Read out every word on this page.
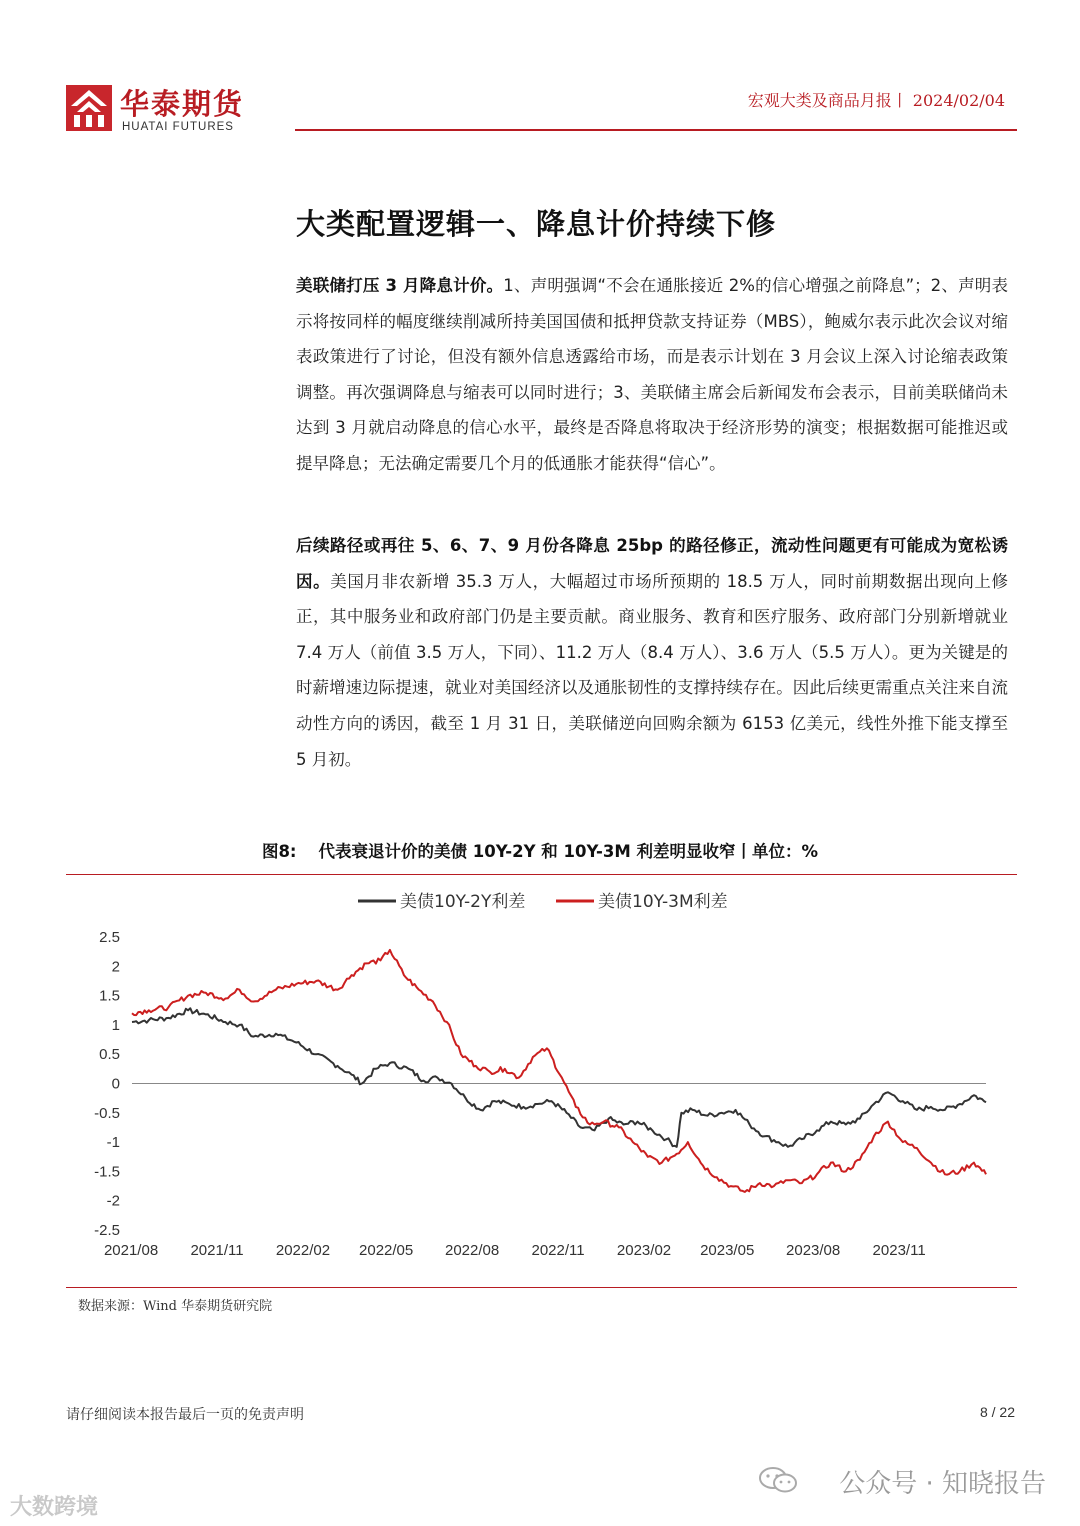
华泰期货
HUATAI FUTURES
宏观大类及商品月报丨 2024/02/04
大类配置逻辑一、降息计价持续下修
美联储打压 3 月降息计价。1、声明强调“不会在通胀接近 2%的信心增强之前降息”；2、声明表示将按同样的幅度继续削减所持美国国债和抵押贷款支持证券（MBS），鲍威尔表示此次会议对缩表政策进行了讨论，但没有额外信息透露给市场，而是表示计划在 3 月会议上深入讨论缩表政策调整。再次强调降息与缩表可以同时进行；3、美联储主席会后新闻发布会表示，目前美联储尚未达到 3 月就启动降息的信心水平，最终是否降息将取决于经济形势的演变；根据数据可能推迟或提早降息；无法确定需要几个月的低通胀才能获得“信心”。
后续路径或再往 5、6、7、9 月份各降息 25bp 的路径修正，流动性问题更有可能成为宽松诱因。美国月非农新增 35.3 万人，大幅超过市场所预期的 18.5 万人，同时前期数据出现向上修正，其中服务业和政府部门仍是主要贡献。商业服务、教育和医疗服务、政府部门分别新增就业 7.4 万人（前值 3.5 万人，下同）、11.2 万人（8.4 万人）、3.6 万人（5.5 万人）。更为关键是的时薪增速边际提速，就业对美国经济以及通胀韧性的支撑持续存在。因此后续更需重点关注来自流动性方向的诱因，截至 1 月 31 日，美联储逆向回购余额为 6153 亿美元，线性外推下能支撑至 5 月初。
图8: 代表衰退计价的美债 10Y-2Y 和 10Y-3M 利差明显收窄丨单位：%
美债10Y-2Y利差	美债10Y-3M利差
2.5
2
1.5
1
0.5
0
-0.5
-1
-1.5
-2
-2.5
2021/08 2021/11 2022/02 2022/05 2022/08 2022/11 2023/02 2023/05 2023/08 2023/11
数据来源：Wind 华泰期货研究院
请仔细阅读本报告最后一页的免责声明	8 / 22
公众号 · 知晓报告
大数跨境
